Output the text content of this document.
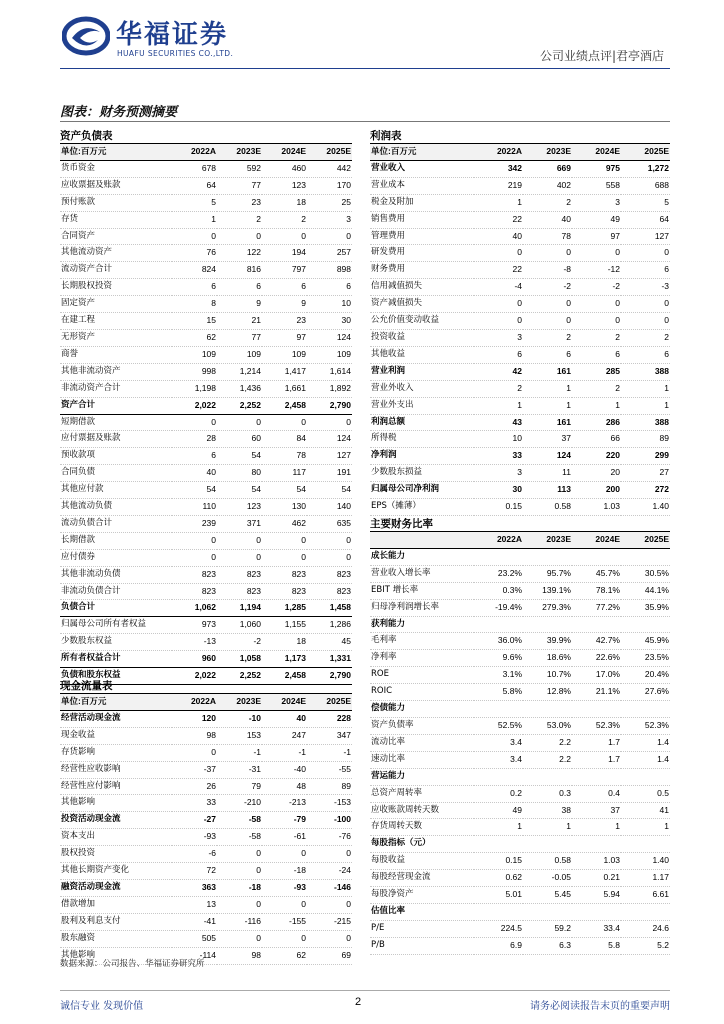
华福证券
HUAFU SECURITIES CO.,LTD.	公司业绩点评|君亭酒店
图表：财务预测摘要
资产负债表
单位:百万元	2022A	2023E	2024E	2025E
货币资金	678	592	460	442
应收票据及账款	64	77	123	170
预付账款	5	23	18	25
存货	1	2	2	3
合同资产	0	0	0	0
其他流动资产	76	122	194	257
流动资产合计	824	816	797	898
长期股权投资	6	6	6	6
固定资产	8	9	9	10
在建工程	15	21	23	30
无形资产	62	77	97	124
商誉	109	109	109	109
其他非流动资产	998	1,214	1,417	1,614
非流动资产合计	1,198	1,436	1,661	1,892
资产合计	2,022	2,252	2,458	2,790
短期借款	0	0	0	0
应付票据及账款	28	60	84	124
预收款项	6	54	78	127
合同负债	40	80	117	191
其他应付款	54	54	54	54
其他流动负债	110	123	130	140
流动负债合计	239	371	462	635
长期借款	0	0	0	0
应付债券	0	0	0	0
其他非流动负债	823	823	823	823
非流动负债合计	823	823	823	823
负债合计	1,062	1,194	1,285	1,458
归属母公司所有者权益	973	1,060	1,155	1,286
少数股东权益	-13	-2	18	45
所有者权益合计	960	1,058	1,173	1,331
负债和股东权益	2,022	2,252	2,458	2,790
现金流量表
单位:百万元	2022A	2023E	2024E	2025E
经营活动现金流	120	-10	40	228
现金收益	98	153	247	347
存货影响	0	-1	-1	-1
经营性应收影响	-37	-31	-40	-55
经营性应付影响	26	79	48	89
其他影响	33	-210	-213	-153
投资活动现金流	-27	-58	-79	-100
资本支出	-93	-58	-61	-76
股权投资	-6	0	0	0
其他长期资产变化	72	0	-18	-24
融资活动现金流	363	-18	-93	-146
借款增加	13	0	0	0
股利及利息支付	-41	-116	-155	-215
股东融资	505	0	0	0
其他影响	-114	98	62	69
利润表
单位:百万元	2022A	2023E	2024E	2025E
营业收入	342	669	975	1,272
营业成本	219	402	558	688
税金及附加	1	2	3	5
销售费用	22	40	49	64
管理费用	40	78	97	127
研发费用	0	0	0	0
财务费用	22	-8	-12	6
信用减值损失	-4	-2	-2	-3
资产减值损失	0	0	0	0
公允价值变动收益	0	0	0	0
投资收益	3	2	2	2
其他收益	6	6	6	6
营业利润	42	161	285	388
营业外收入	2	1	2	1
营业外支出	1	1	1	1
利润总额	43	161	286	388
所得税	10	37	66	89
净利润	33	124	220	299
少数股东损益	3	11	20	27
归属母公司净利润	30	113	200	272
EPS（摊薄）	0.15	0.58	1.03	1.40
主要财务比率
	2022A	2023E	2024E	2025E
成长能力				
营业收入增长率	23.2%	95.7%	45.7%	30.5%
EBIT 增长率	0.3%	139.1%	78.1%	44.1%
归母净利润增长率	-19.4%	279.3%	77.2%	35.9%
获利能力				
毛利率	36.0%	39.9%	42.7%	45.9%
净利率	9.6%	18.6%	22.6%	23.5%
ROE	3.1%	10.7%	17.0%	20.4%
ROIC	5.8%	12.8%	21.1%	27.6%
偿债能力				
资产负债率	52.5%	53.0%	52.3%	52.3%
流动比率	3.4	2.2	1.7	1.4
速动比率	3.4	2.2	1.7	1.4
营运能力				
总资产周转率	0.2	0.3	0.4	0.5
应收账款周转天数	49	38	37	41
存货周转天数	1	1	1	1
每股指标（元）				
每股收益	0.15	0.58	1.03	1.40
每股经营现金流	0.62	-0.05	0.21	1.17
每股净资产	5.01	5.45	5.94	6.61
估值比率				
P/E	224.5	59.2	33.4	24.6
P/B	6.9	6.3	5.8	5.2
数据来源：公司报告、华福证券研究所
诚信专业 发现价值	2	请务必阅读报告末页的重要声明
